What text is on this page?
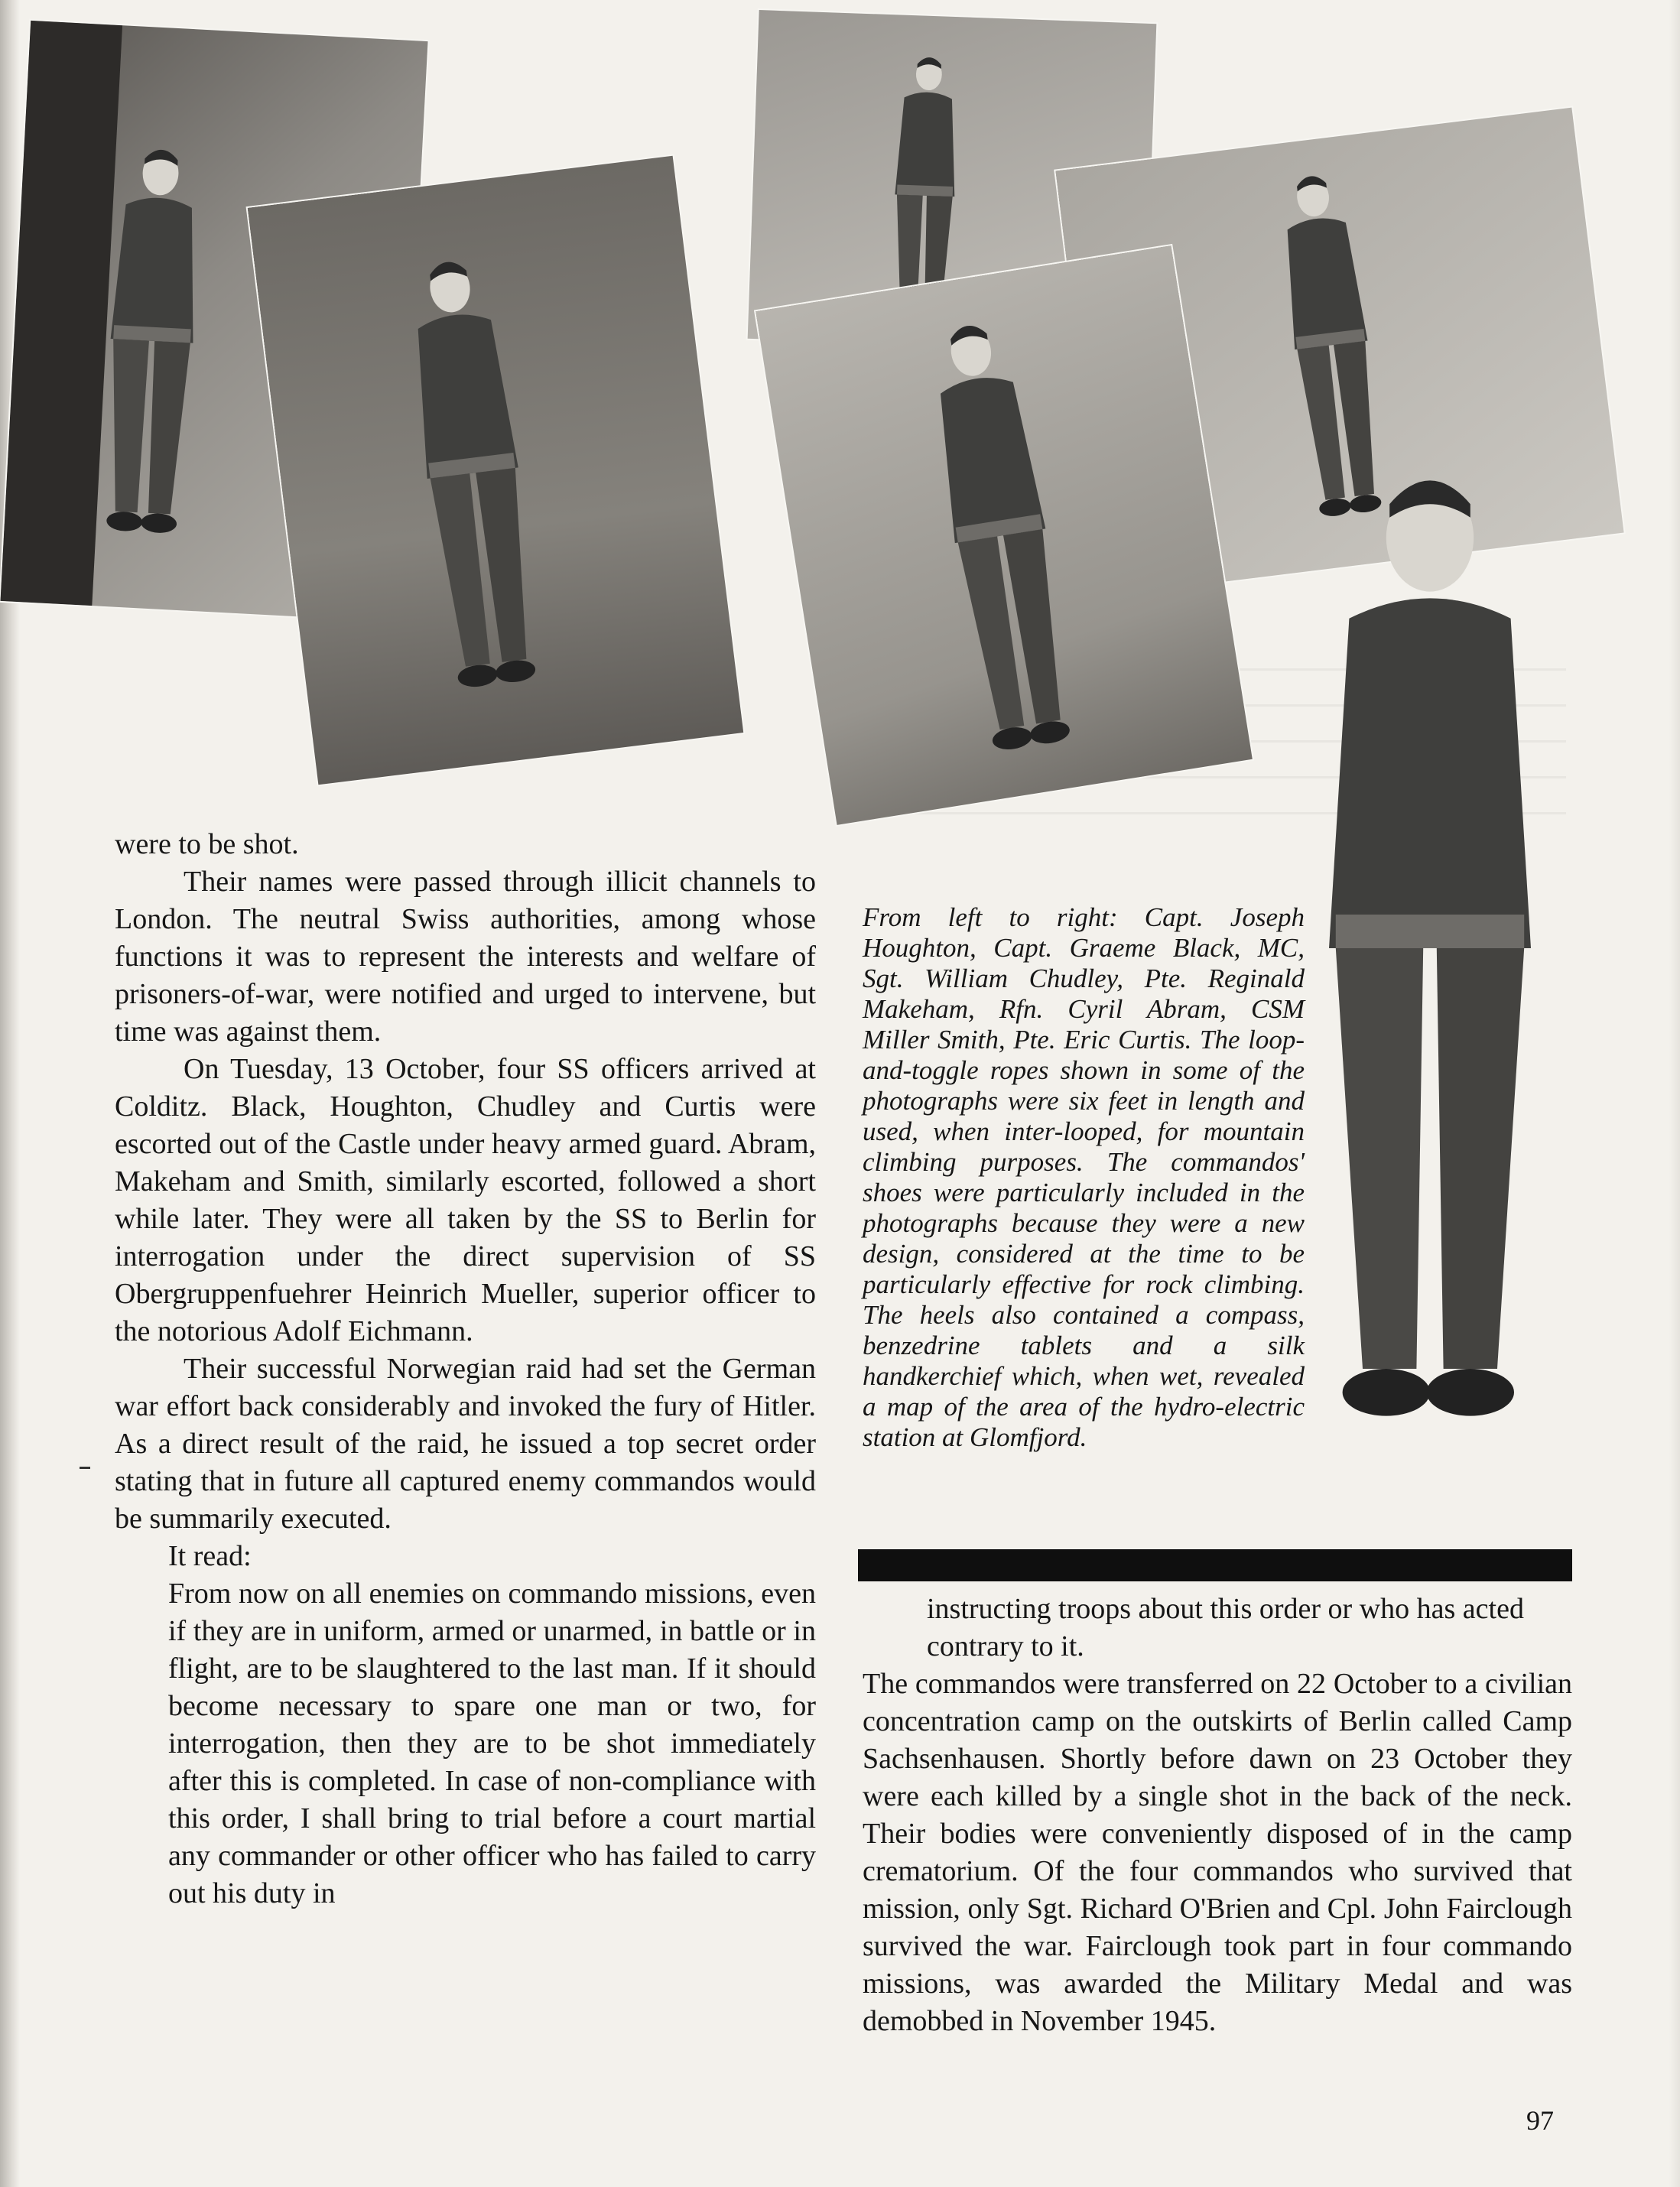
were to be shot.

Their names were passed through illicit channels to London. The neutral Swiss authorities, among whose functions it was to represent the interests and welfare of prisoners-of-war, were notified and urged to intervene, but time was against them.

On Tuesday, 13 October, four SS officers arrived at Colditz. Black, Houghton, Chudley and Curtis were escorted out of the Castle under heavy armed guard. Abram, Makeham and Smith, similarly escorted, followed a short while later. They were all taken by the SS to Berlin for interrogation under the direct supervision of SS Obergruppenfuehrer Heinrich Mueller, superior officer to the notorious Adolf Eichmann.

Their successful Norwegian raid had set the German war effort back considerably and invoked the fury of Hitler. As a direct result of the raid, he issued a top secret order stating that in future all captured enemy commandos would be summarily executed.

It read:

From now on all enemies on commando missions, even if they are in uniform, armed or unarmed, in battle or in flight, are to be slaughtered to the last man. If it should become necessary to spare one man or two, for interrogation, then they are to be shot immediately after this is completed. In case of non-compliance with this order, I shall bring to trial before a court martial any commander or other officer who has failed to carry out his duty in

From left to right: Capt. Joseph Houghton, Capt. Graeme Black, MC, Sgt. William Chudley, Pte. Reginald Makeham, Rfn. Cyril Abram, CSM Miller Smith, Pte. Eric Curtis. The loop-and-toggle ropes shown in some of the photographs were six feet in length and used, when inter-looped, for mountain climbing purposes. The commandos' shoes were particularly included in the photographs because they were a new design, considered at the time to be particularly effective for rock climbing. The heels also contained a compass, benzedrine tablets and a silk handkerchief which, when wet, revealed a map of the area of the hydro-electric station at Glomfjord.

instructing troops about this order or who has acted contrary to it.

The commandos were transferred on 22 October to a civilian concentration camp on the outskirts of Berlin called Camp Sachsenhausen. Shortly before dawn on 23 October they were each killed by a single shot in the back of the neck. Their bodies were conveniently disposed of in the camp crematorium. Of the four commandos who survived that mission, only Sgt. Richard O'Brien and Cpl. John Fairclough survived the war. Fairclough took part in four commando missions, was awarded the Military Medal and was demobbed in November 1945.

97
